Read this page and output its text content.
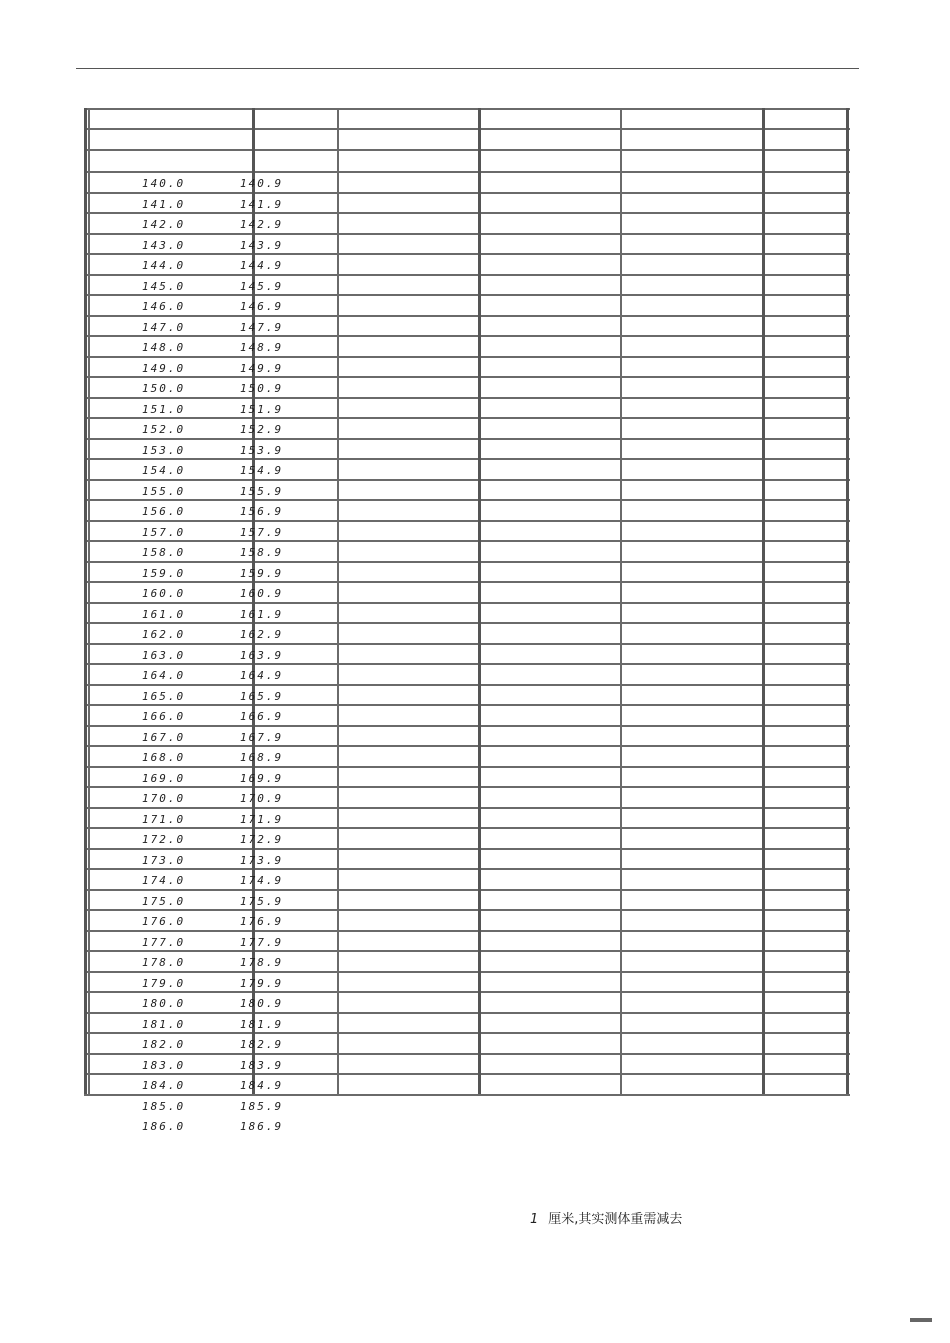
140.0	140.9
141.0	141.9
142.0	142.9
143.0	143.9
144.0	144.9
145.0	145.9
146.0	146.9
147.0	147.9
148.0	148.9
149.0	149.9
150.0	150.9
151.0	151.9
152.0	152.9
153.0	153.9
154.0	154.9
155.0	155.9
156.0	156.9
157.0	157.9
158.0	158.9
159.0	159.9
160.0	160.9
161.0	161.9
162.0	162.9
163.0	163.9
164.0	164.9
165.0	165.9
166.0	166.9
167.0	167.9
168.0	168.9
169.0	169.9
170.0	170.9
171.0	171.9
172.0	172.9
173.0	173.9
174.0	174.9
175.0	175.9
176.0	176.9
177.0	177.9
178.0	178.9
179.0	179.9
180.0	180.9
181.0	181.9
182.0	182.9
183.0	183.9
184.0	184.9
185.0	185.9
186.0	186.9
1 厘米,其实测体重需减去
